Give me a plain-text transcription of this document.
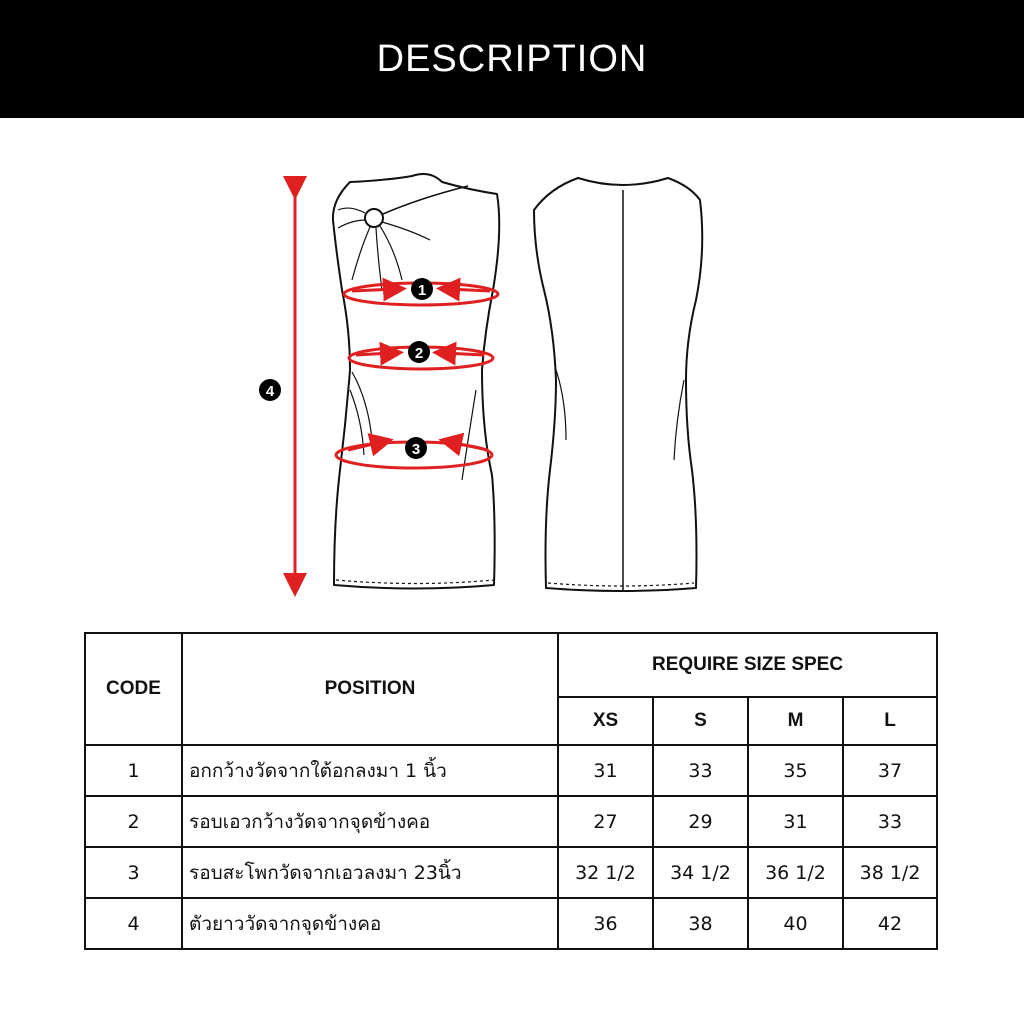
DESCRIPTION
1
2
3
4
CODE	POSITION	REQUIRE SIZE SPEC			
		XS	S	M	L
1	อกกว้างวัดจากใต้อกลงมา 1 นิ้ว	31	33	35	37
2	รอบเอวกว้างวัดจากจุดข้างคอ	27	29	31	33
3	รอบสะโพกวัดจากเอวลงมา 23นิ้ว	32 1/2	34 1/2	36 1/2	38 1/2
4	ตัวยาววัดจากจุดข้างคอ	36	38	40	42
